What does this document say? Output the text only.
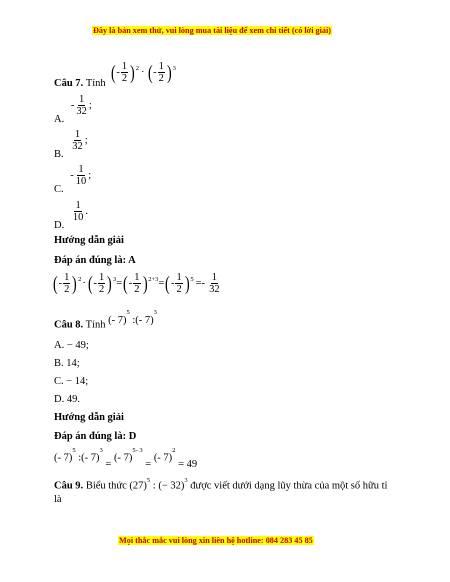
Đây là bản xem thử, vui lòng mua tài liệu để xem chi tiết (có lời giải)
Câu 7. Tính ( - $\frac{1}{2}$ ) 2 · ( - $\frac{1}{2}$ ) 3
A. - $\frac{1}{32}$ ;
B.
$\frac{1}{32}$ ;
C. - $\frac{1}{10}$ ;
D.
$\frac{1}{10}$ .
Hướng dẫn giải
Đáp án đúng là: A
( - $\frac{1}{2}$ ) 2 · ( - $\frac{1}{2}$ ) 3 = ( - $\frac{1}{2}$ ) 2+3 = ( - $\frac{1}{2}$ ) $5 =- \frac{1}{32}$
Câu 8. Tính (- 7)$^5$ :(- 7)$^3$
A. − 49;
B. 14;
C. − 14;
D. 49.
Hướng dẫn giải
Đáp án đúng là: D
(- 7)$^5$ :(- 7)$^3$ = (- 7)$^{5- 3}$ = (- 7)$^2$ = 49
Câu 9. Biểu thức $(27)^5$ : (− 32)$^3$ được viết dưới dạng lũy thừa của một số hữu tỉ
là
Mọi thắc mắc vui lòng xin liên hệ hotline: 084 283 45 85
